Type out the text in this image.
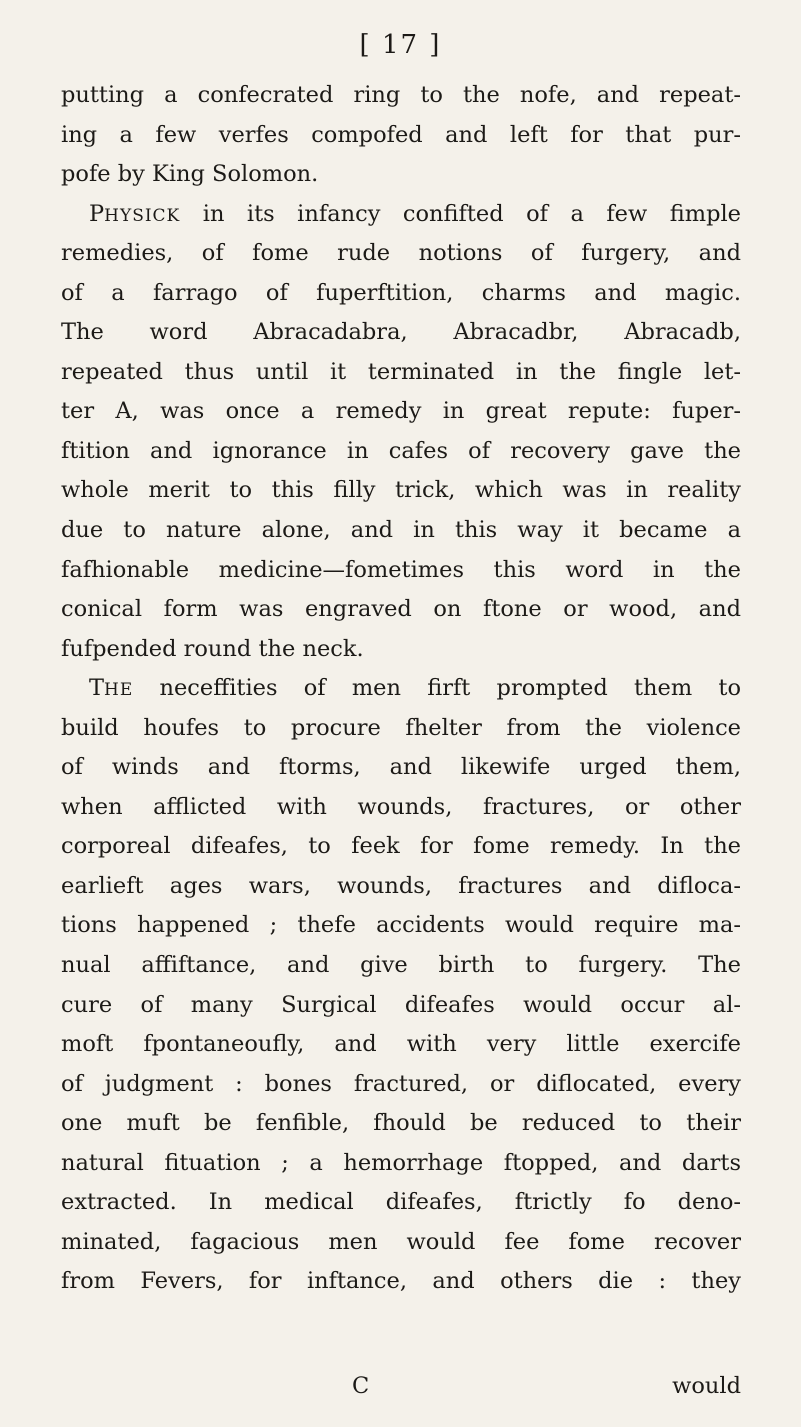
[ 17 ]
putting a confecrated ring to the nofe, and repeat-
ing a few verfes compofed and left for that pur-
pofe by King Solomon.
PHYSICK in its infancy confifted of a few fimple
remedies, of fome rude notions of furgery, and
of a farrago of fuperftition, charms and magic.
The word Abracadabra, Abracadbr, Abracadb,
repeated thus until it terminated in the fingle let-
ter A, was once a remedy in great repute: fuper-
ftition and ignorance in cafes of recovery gave the
whole merit to this filly trick, which was in reality
due to nature alone, and in this way it became a
fafhionable medicine—fometimes this word in the
conical form was engraved on ftone or wood, and
fufpended round the neck.
THE neceffities of men firft prompted them to
build houfes to procure fhelter from the violence
of winds and ftorms, and likewife urged them,
when afflicted with wounds, fractures, or other
corporeal difeafes, to feek for fome remedy. In the
earlieft ages wars, wounds, fractures and difloca-
tions happened ; thefe accidents would require ma-
nual affiftance, and give birth to furgery. The
cure of many Surgical difeafes would occur al-
moft fpontaneoufly, and with very little exercife
of judgment : bones fractured, or diflocated, every
one muft be fenfible, fhould be reduced to their
natural fituation ; a hemorrhage ftopped, and darts
extracted. In medical difeafes, ftrictly fo deno-
minated, fagacious men would fee fome recover
from Fevers, for inftance, and others die : they
C	would
